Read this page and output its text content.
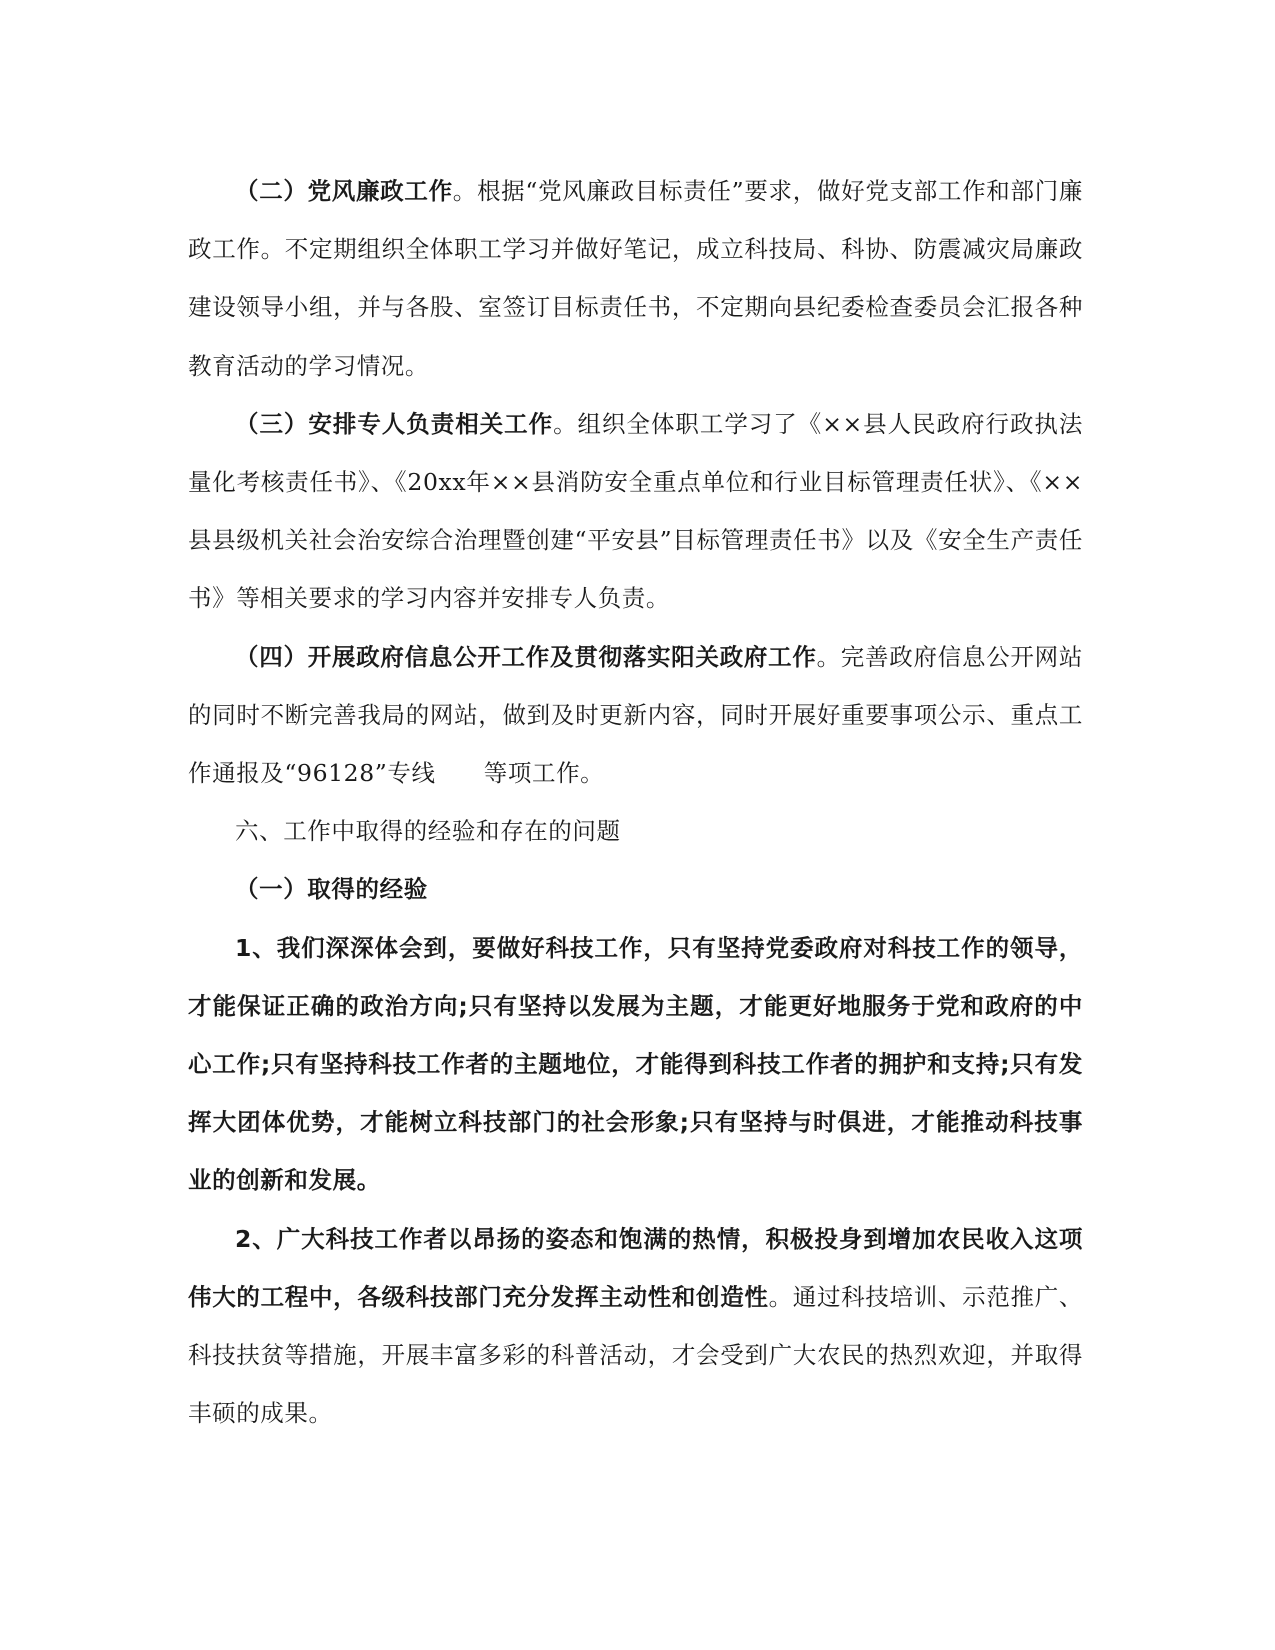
（二）党风廉政工作。根据“党风廉政目标责任”要求，做好党支部工作和部门廉政工作。不定期组织全体职工学习并做好笔记，成立科技局、科协、防震减灾局廉政建设领导小组，并与各股、室签订目标责任书，不定期向县纪委检查委员会汇报各种教育活动的学习情况。

（三）安排专人负责相关工作。组织全体职工学习了《××县人民政府行政执法量化考核责任书》、《20xx年××县消防安全重点单位和行业目标管理责任状》、《××县县级机关社会治安综合治理暨创建“平安县”目标管理责任书》以及《安全生产责任书》等相关要求的学习内容并安排专人负责。

（四）开展政府信息公开工作及贯彻落实阳关政府工作。完善政府信息公开网站的同时不断完善我局的网站，做到及时更新内容，同时开展好重要事项公示、重点工作通报及“96128”专线　　等项工作。

六、工作中取得的经验和存在的问题

（一）取得的经验

1、我们深深体会到，要做好科技工作，只有坚持党委政府对科技工作的领导，才能保证正确的政治方向;只有坚持以发展为主题，才能更好地服务于党和政府的中心工作;只有坚持科技工作者的主题地位，才能得到科技工作者的拥护和支持;只有发挥大团体优势，才能树立科技部门的社会形象;只有坚持与时俱进，才能推动科技事业的创新和发展。

2、广大科技工作者以昂扬的姿态和饱满的热情，积极投身到增加农民收入这项伟大的工程中，各级科技部门充分发挥主动性和创造性。通过科技培训、示范推广、科技扶贫等措施，开展丰富多彩的科普活动，才会受到广大农民的热烈欢迎，并取得丰硕的成果。
